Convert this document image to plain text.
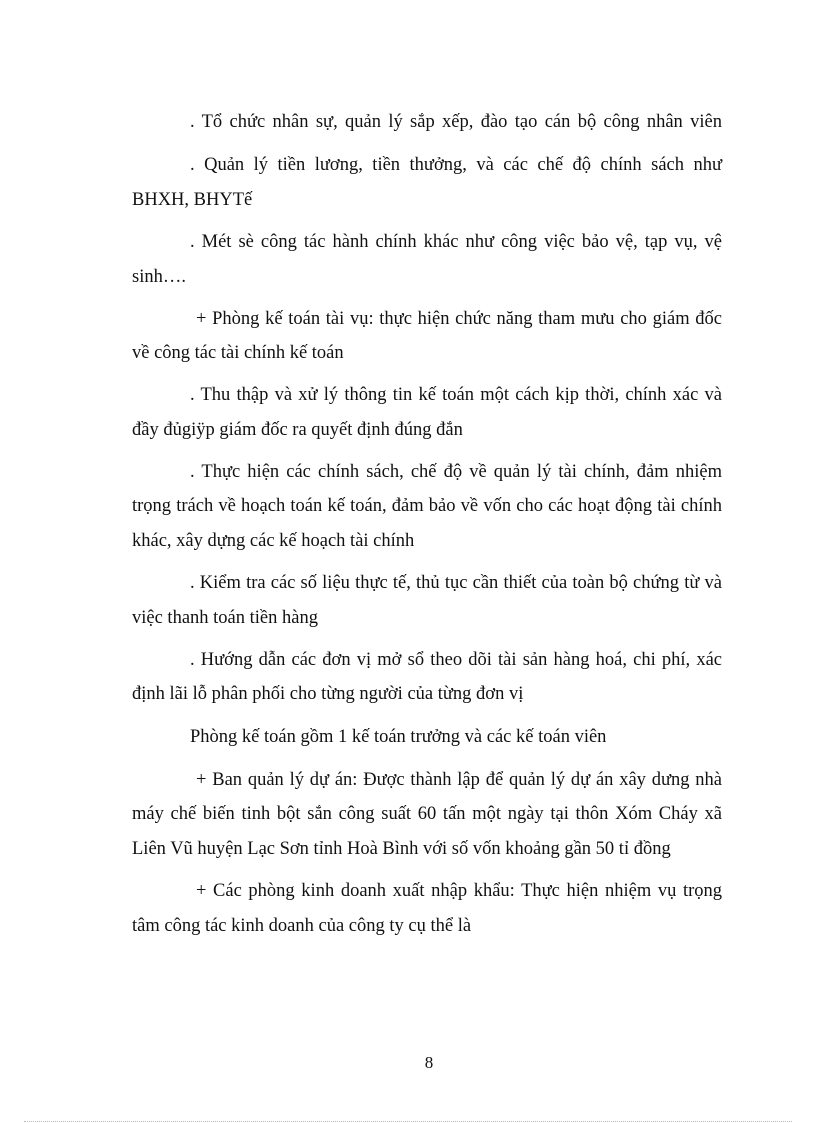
. Tổ chức nhân sự, quản lý sắp xếp, đào tạo cán bộ công nhân viên
. Quản lý tiền lương, tiền thưởng, và các chế độ chính sách như
BHXH, BHYTế
. Mét sè công tác hành chính khác như công việc bảo vệ, tạp vụ, vệ
sinh….
+ Phòng kế toán tài vụ: thực hiện chức năng tham mưu cho giám đốc
về công tác tài chính kế toán
. Thu thập và xử lý thông tin kế toán một cách kịp thời, chính xác và
đầy đủgiÿp giám đốc ra quyết định đúng đắn
. Thực hiện các chính sách, chế độ về quản lý tài chính, đảm nhiệm
trọng trách về hoạch toán kế toán, đảm bảo về vốn cho các hoạt động tài chính
khác, xây dựng các kế hoạch tài chính
. Kiểm tra các số liệu thực tế, thủ tục cần thiết của toàn bộ chứng từ và
việc thanh toán tiền hàng
. Hướng dẫn các đơn vị mở sổ theo dõi tài sản hàng hoá, chi phí, xác
định lãi lỗ phân phối cho từng người của từng đơn vị
Phòng kế toán gồm 1 kế toán trưởng và các kế toán viên
+ Ban quản lý dự án: Được thành lập để quản lý dự án xây dưng nhà
máy chế biến tinh bột sắn công suất 60 tấn một ngày tại thôn Xóm Cháy xã
Liên Vũ huyện Lạc Sơn tỉnh Hoà Bình với số vốn khoảng gần 50 tỉ đồng
+ Các phòng kinh doanh xuất nhập khẩu: Thực hiện nhiệm vụ trọng
tâm công tác kinh doanh của công ty cụ thể là
8
